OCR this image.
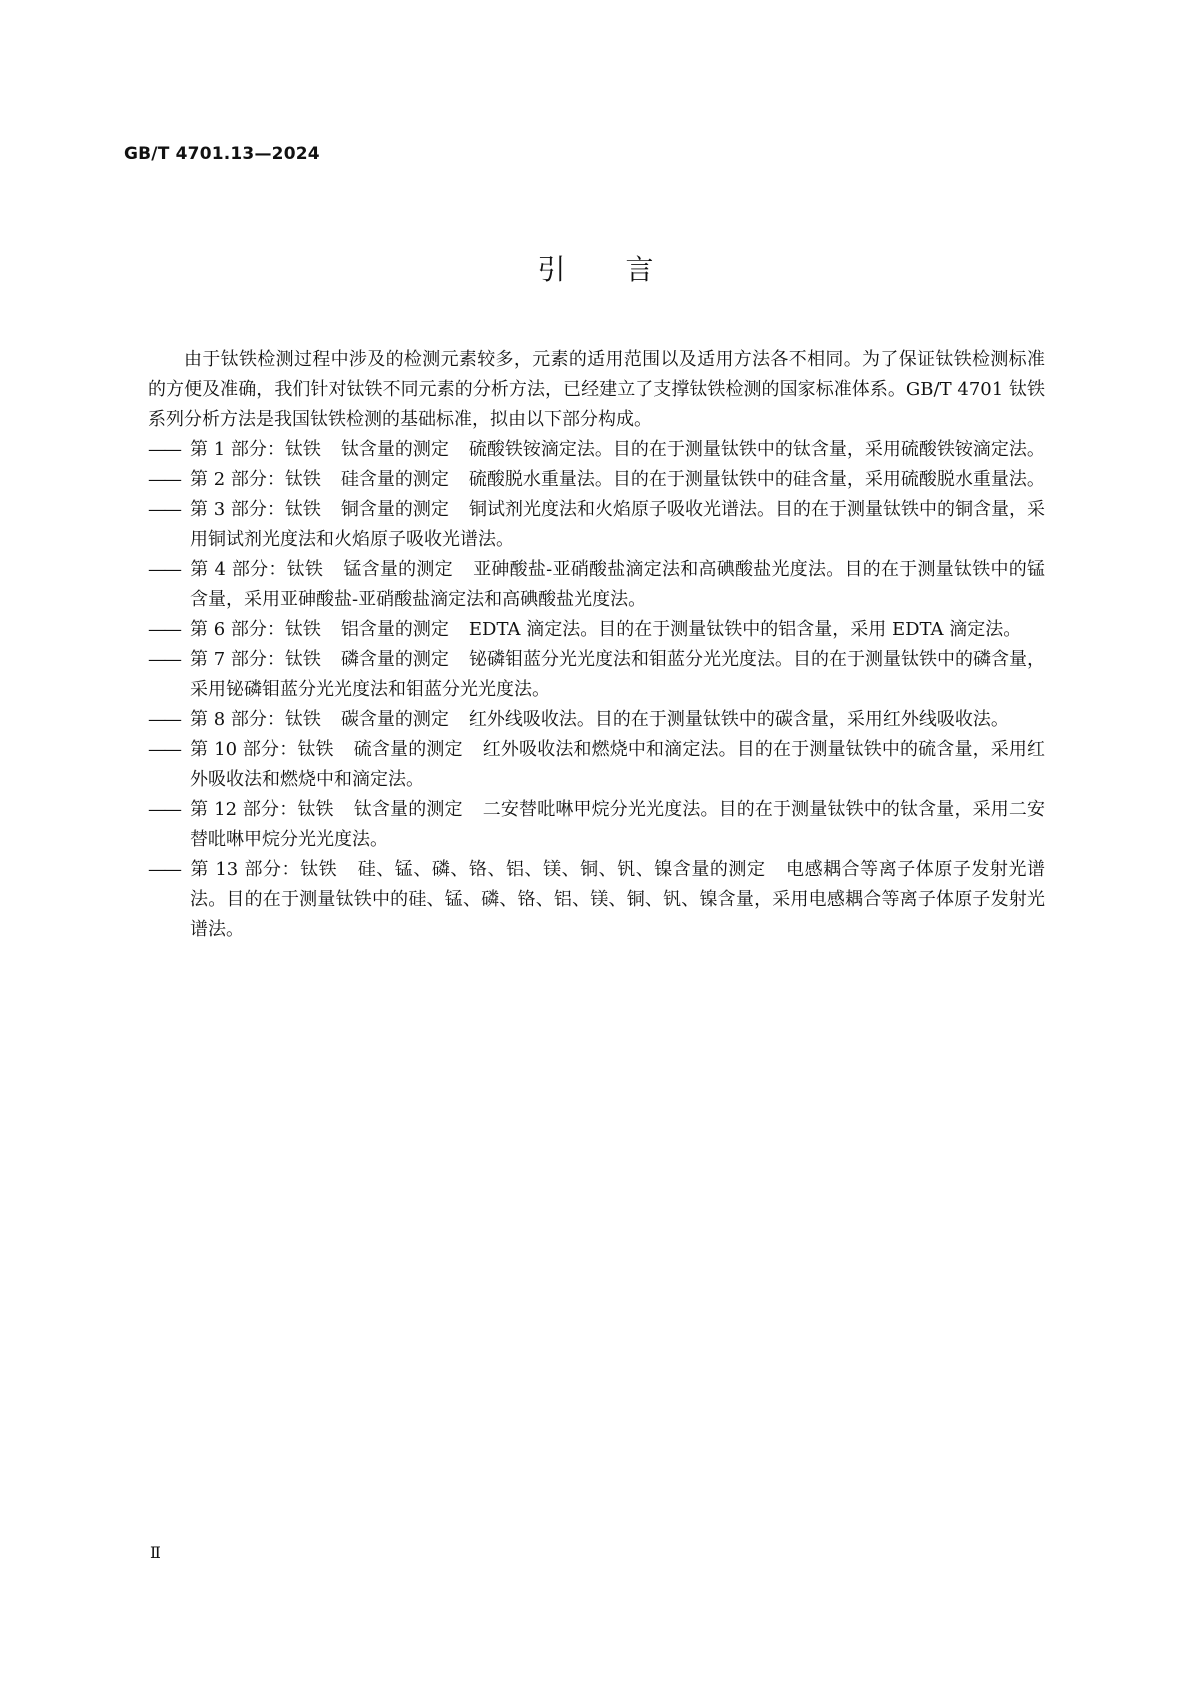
GB/T 4701.13—2024
引言

由于钛铁检测过程中涉及的检测元素较多，元素的适用范围以及适用方法各不相同。为了保证钛铁检测标准的方便及准确，我们针对钛铁不同元素的分析方法，已经建立了支撑钛铁检测的国家标准体系。GB/T 4701 钛铁系列分析方法是我国钛铁检测的基础标准，拟由以下部分构成。

—— 第 1 部分：钛铁 钛含量的测定 硫酸铁铵滴定法。目的在于测量钛铁中的钛含量，采用硫酸铁铵滴定法。
—— 第 2 部分：钛铁 硅含量的测定 硫酸脱水重量法。目的在于测量钛铁中的硅含量，采用硫酸脱水重量法。
—— 第 3 部分：钛铁 铜含量的测定 铜试剂光度法和火焰原子吸收光谱法。目的在于测量钛铁中的铜含量，采用铜试剂光度法和火焰原子吸收光谱法。
—— 第 4 部分：钛铁 锰含量的测定 亚砷酸盐-亚硝酸盐滴定法和高碘酸盐光度法。目的在于测量钛铁中的锰含量，采用亚砷酸盐-亚硝酸盐滴定法和高碘酸盐光度法。
—— 第 6 部分：钛铁 铝含量的测定 EDTA 滴定法。目的在于测量钛铁中的铝含量，采用 EDTA 滴定法。
—— 第 7 部分：钛铁 磷含量的测定 铋磷钼蓝分光光度法和钼蓝分光光度法。目的在于测量钛铁中的磷含量，采用铋磷钼蓝分光光度法和钼蓝分光光度法。
—— 第 8 部分：钛铁 碳含量的测定 红外线吸收法。目的在于测量钛铁中的碳含量，采用红外线吸收法。
—— 第 10 部分：钛铁 硫含量的测定 红外吸收法和燃烧中和滴定法。目的在于测量钛铁中的硫含量，采用红外吸收法和燃烧中和滴定法。
—— 第 12 部分：钛铁 钛含量的测定 二安替吡啉甲烷分光光度法。目的在于测量钛铁中的钛含量，采用二安替吡啉甲烷分光光度法。
—— 第 13 部分：钛铁 硅、锰、磷、铬、铝、镁、铜、钒、镍含量的测定 电感耦合等离子体原子发射光谱法。目的在于测量钛铁中的硅、锰、磷、铬、铝、镁、铜、钒、镍含量，采用电感耦合等离子体原子发射光谱法。
Ⅱ
